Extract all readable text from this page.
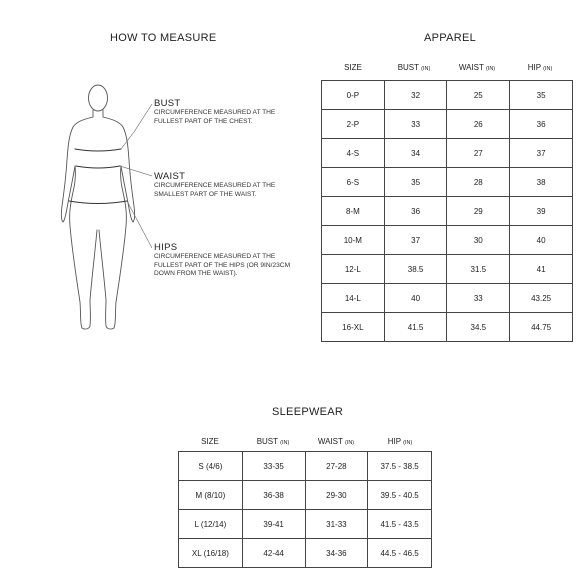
HOW TO MEASURE
BUST
CIRCUMFERENCE MEASURED AT THE FULLEST PART OF THE CHEST.
WAIST
CIRCUMFERENCE MEASURED AT THE SMALLEST PART OF THE WAIST.
HIPS
CIRCUMFERENCE MEASURED AT THE FULLEST PART OF THE HIPS (OR 9IN/23CM DOWN FROM THE WAIST).
APPAREL
SIZE	BUST (IN)	WAIST (IN)	HIP (IN)
0-P	32	25	35
2-P	33	26	36
4-S	34	27	37
6-S	35	28	38
8-M	36	29	39
10-M	37	30	40
12-L	38.5	31.5	41
14-L	40	33	43.25
16-XL	41.5	34.5	44.75
SLEEPWEAR
SIZE	BUST (IN)	WAIST (IN)	HIP (IN)
S (4/6)	33-35	27-28	37.5 - 38.5
M (8/10)	36-38	29-30	39.5 - 40.5
L (12/14)	39-41	31-33	41.5 - 43.5
XL (16/18)	42-44	34-36	44.5 - 46.5
